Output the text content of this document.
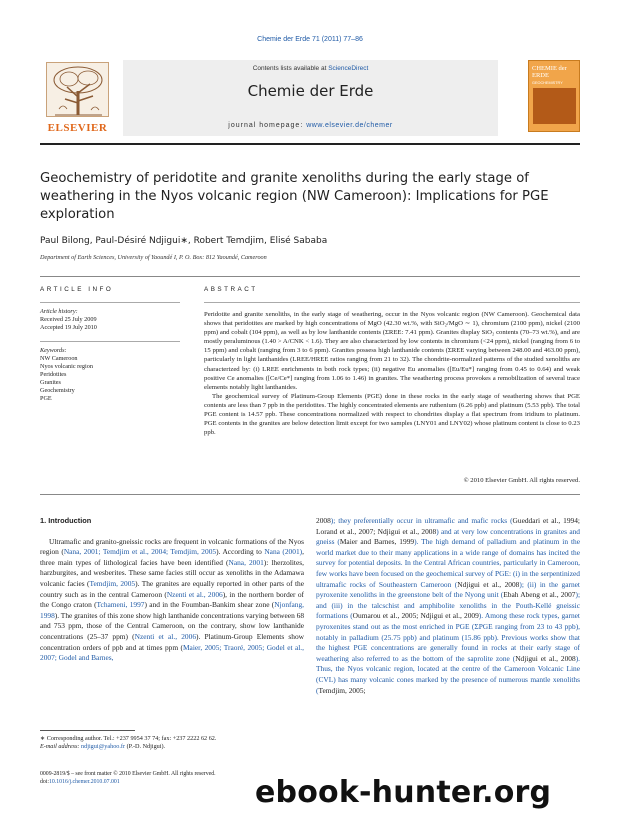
Chemie der Erde 71 (2011) 77–86
ELSEVIER
Contents lists available at ScienceDirect
Chemie der Erde
journal homepage: www.elsevier.de/chemer
CHEMIE der ERDE
GEOCHEMISTRY
Geochemistry of peridotite and granite xenoliths during the early stage of weathering in the Nyos volcanic region (NW Cameroon): Implications for PGE exploration
Paul Bilong, Paul-Désiré Ndjigui∗, Robert Temdjim, Elisé Sababa
Department of Earth Sciences, University of Yaoundé I, P. O. Box: 812 Yaoundé, Cameroon
ARTICLE INFO	ABSTRACT
Article history:
Received 25 July 2009
Accepted 19 July 2010
Keywords:
NW Cameroon
Nyos volcanic region
Peridotites
Granites
Geochemistry
PGE

Peridotite and granite xenoliths, in the early stage of weathering, occur in the Nyos volcanic region (NW Cameroon). Geochemical data shows that peridotites are marked by high concentrations of MgO (42.30 wt.%, with SiO₂/MgO ∼ 1), chromium (2100 ppm), nickel (2100 ppm) and cobalt (104 ppm), as well as by low lanthanide contents (ΣREE: 7.41 ppm). Granites display SiO₂ contents (70–73 wt.%), and are mostly peraluminous (1.40 > A/CNK < 1.6). They are also characterized by low contents in chromium (<24 ppm), nickel (ranging from 6 to 15 ppm) and cobalt (ranging from 3 to 6 ppm). Granites possess high lanthanide contents (ΣREE varying between 248.00 and 463.00 ppm), particularly in light lanthanides (LREE/HREE ratios ranging from 21 to 32). The chondrite-normalized patterns of the studied xenoliths are characterized by: (i) LREE enrichments in both rock types; (ii) negative Eu anomalies ([Eu/Eu*] ranging from 0.45 to 0.64) and weak positive Ce anomalies ([Ce/Ce*] ranging from 1.06 to 1.46) in granites. The weathering process provokes a remobilization of several trace elements notably light lanthanides.

The geochemical survey of Platinum-Group Elements (PGE) done in these rocks in the early stage of weathering shows that PGE contents are less than 7 ppb in the peridotites. The highly concentrated elements are ruthenium (6.26 ppb) and platinum (5.53 ppb). The total PGE content is 14.57 ppb. These concentrations normalized with respect to chondrites display a flat spectrum from iridium to platinum. PGE contents in the granites are below detection limit except for two samples (LNY01 and LNY02) whose platinum content is close to 0.23 ppb.

© 2010 Elsevier GmbH. All rights reserved.
1. Introduction

Ultramafic and granito-gneissic rocks are frequent in volcanic formations of the Nyos region (Nana, 2001; Temdjim et al., 2004; Temdjim, 2005). According to Nana (2001), three main types of lithological facies have been identified (Nana, 2001): lherzolites, harzburgites, and wesberites. These same facies still occur as xenoliths in the Adamawa volcanic facies (Temdjim, 2005). The granites are equally reported in other parts of the country such as in the central Cameroon (Nzenti et al., 2006), in the northern border of the Congo craton (Tchameni, 1997) and in the Foumban-Bankim shear zone (Njonfang, 1998). The granites of this zone show high lanthanide concentrations varying between 68 and 753 ppm, those of the Central Cameroon, on the contrary, show low lanthanide concentrations (25–37 ppm) (Nzenti et al., 2006). Platinum-Group Elements show concentration orders of ppb and at times ppm (Maier, 2005; Traoré, 2005; Godel et al., 2007; Godel and Barnes,

2008); they preferentially occur in ultramafic and mafic rocks (Gueddari et al., 1994; Lorand et al., 2007; Ndjigui et al., 2008) and at very low concentrations in granites and gneiss (Maier and Barnes, 1999). The high demand of palladium and platinum in the world market due to their many applications in a wide range of domains has incited the survey for potential deposits. In the Central African countries, particularly in Cameroon, few works have been focused on the geochemical survey of PGE: (i) in the serpentinized ultramafic rocks of Southeastern Cameroon (Ndjigui et al., 2008); (ii) in the garnet pyroxenite xenoliths in the greenstone belt of the Nyong unit (Ebah Abeng et al., 2007); and (iii) in the talcschist and amphibolite xenoliths in the Pouth-Kellé gneissic formations (Oumarou et al., 2005; Ndjigui et al., 2009). Among these rock types, garnet pyroxenites stand out as the most enriched in PGE (ΣPGE ranging from 23 to 43 ppb), notably in palladium (25.75 ppb) and platinum (15.86 ppb). Previous works show that the highest PGE concentrations are generally found in rocks at their early stage of weathering also referred to as the bottom of the saprolite zone (Ndjigui et al., 2008). Thus, the Nyos volcanic region, located at the centre of the Cameroon Volcanic Line (CVL) has many volcanic cones marked by the presence of numerous mantle xenoliths (Temdjim, 2005;

∗ Corresponding author. Tel.: +237 9954 37 74; fax: +237 2222 62 62.
E-mail address: ndjigui@yahoo.fr (P.-D. Ndjigui).
0009-2819/$ – see front matter © 2010 Elsevier GmbH. All rights reserved.
doi:10.1016/j.chemer.2010.07.001	ebook-hunter.org
